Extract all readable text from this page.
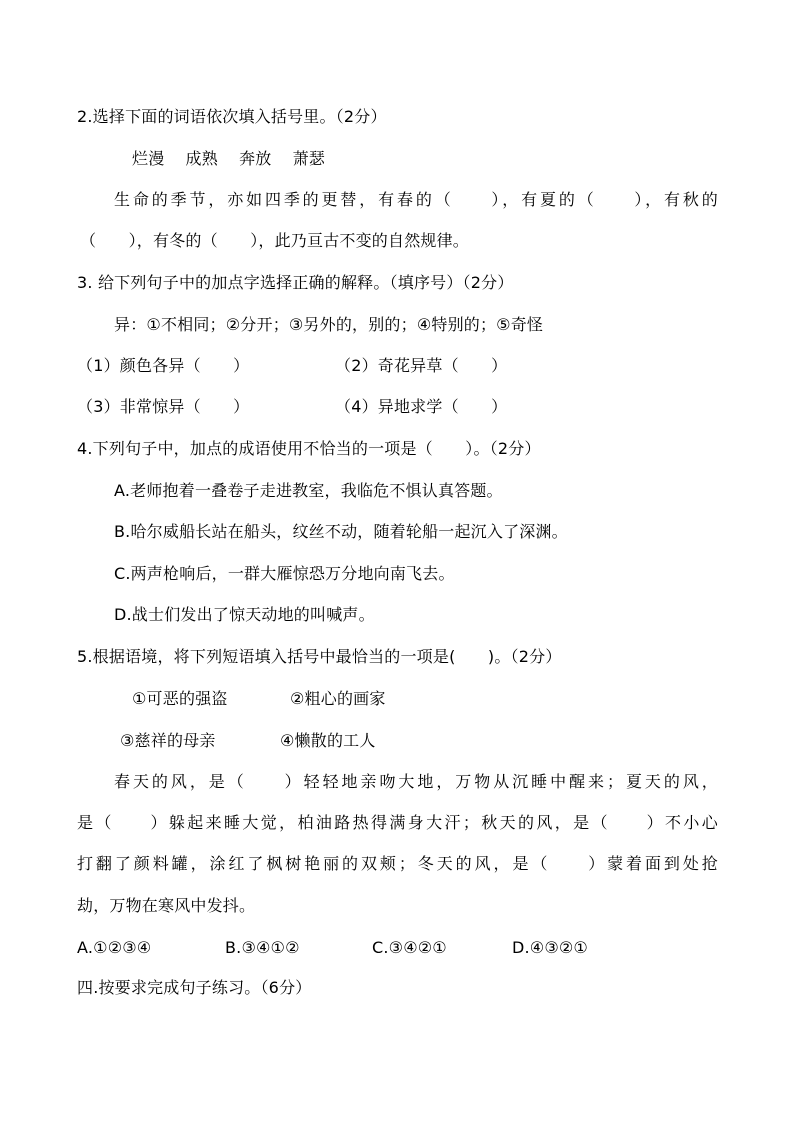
2.选择下面的词语依次填入括号里。（2分）
烂漫    成熟    奔放    萧瑟
生命的季节，亦如四季的更替，有春的（　　），有夏的（　　），有秋的
（　　），有冬的（　　），此乃亘古不变的自然规律。
3. 给下列句子中的加点字选择正确的解释。（填序号）（2分）
异：①不相同；②分开；③另外的，别的；④特别的；⑤奇怪
（1）颜色各异（　　）	（2）奇花异草（　　）
（3）非常惊异（　　）	（4）异地求学（　　）
4.下列句子中，加点的成语使用不恰当的一项是（　　）。（2分）
A.老师抱着一叠卷子走进教室，我临危不惧认真答题。
B.哈尔威船长站在船头，纹丝不动，随着轮船一起沉入了深渊。
C.两声枪响后，一群大雁惊恐万分地向南飞去。
D.战士们发出了惊天动地的叫喊声。
5.根据语境，将下列短语填入括号中最恰当的一项是(　　)。（2分）
①可恶的强盗	②粗心的画家
③慈祥的母亲	④懒散的工人
春天的风，是（　　）轻轻地亲吻大地，万物从沉睡中醒来；夏天的风，
是（　　）躲起来睡大觉，柏油路热得满身大汗；秋天的风，是（　　）不小心
打翻了颜料罐，涂红了枫树艳丽的双颊；冬天的风，是（　　）蒙着面到处抢
劫，万物在寒风中发抖。
A.①②③④	B.③④①②	C.③④②①	D.④③②①
四.按要求完成句子练习。（6分）
